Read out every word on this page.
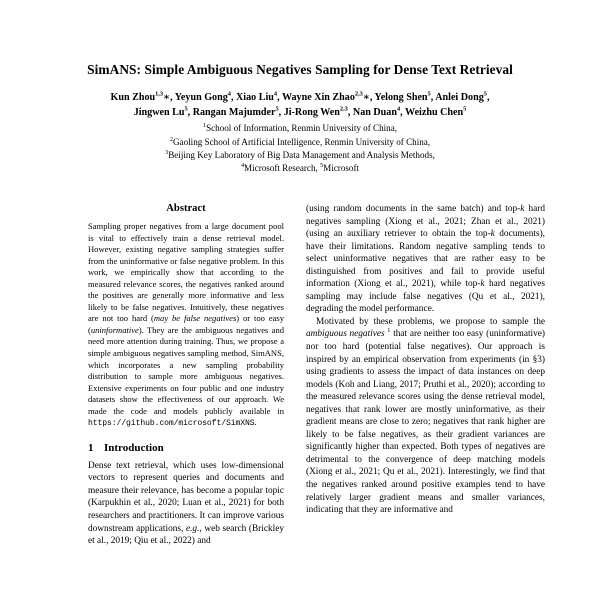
SimANS: Simple Ambiguous Negatives Sampling for Dense Text Retrieval
Kun Zhou$^{1,3}$∗, Yeyun Gong$^4$, Xiao Liu$^4$, Wayne Xin Zhao$^{2,3}$∗, Yelong Shen$^5$, Anlei Dong$^5$,
Jingwen Lu$^5$, Rangan Majumder$^5$, Ji-Rong Wen$^{2,3}$, Nan Duan$^4$, Weizhu Chen$^5$
$^1$School of Information, Renmin University of China,
$^2$Gaoling School of Artificial Intelligence, Renmin University of China,
$^3$Beijing Key Laboratory of Big Data Management and Analysis Methods,
$^4$Microsoft Research, $^5$Microsoft
Abstract

Sampling proper negatives from a large document pool is vital to effectively train a dense retrieval model. However, existing negative sampling strategies suffer from the uninformative or false negative problem. In this work, we empirically show that according to the measured relevance scores, the negatives ranked around the positives are generally more informative and less likely to be false negatives. Intuitively, these negatives are not too hard (may be false negatives) or too easy (uninformative). They are the ambiguous negatives and need more attention during training. Thus, we propose a simple ambiguous negatives sampling method, SimANS, which incorporates a new sampling probability distribution to sample more ambiguous negatives. Extensive experiments on four public and one industry datasets show the effectiveness of our approach. We made the code and models publicly available in https://github.com/microsoft/SimXNS.

1 Introduction

Dense text retrieval, which uses low-dimensional vectors to represent queries and documents and measure their relevance, has become a popular topic (Karpukhin et al., 2020; Luan et al., 2021) for both researchers and practitioners. It can improve various downstream applications, e.g., web search (Brickley et al., 2019; Qiu et al., 2022) and

(using random documents in the same batch) and top-k hard negatives sampling (Xiong et al., 2021; Zhan et al., 2021) (using an auxiliary retriever to obtain the top-k documents), have their limitations. Random negative sampling tends to select uninformative negatives that are rather easy to be distinguished from positives and fail to provide useful information (Xiong et al., 2021), while top-k hard negatives sampling may include false negatives (Qu et al., 2021), degrading the model performance.

Motivated by these problems, we propose to sample the ambiguous negatives $^1$ that are neither too easy (uninformative) nor too hard (potential false negatives). Our approach is inspired by an empirical observation from experiments (in §3) using gradients to assess the impact of data instances on deep models (Koh and Liang, 2017; Pruthi et al., 2020); according to the measured relevance scores using the dense retrieval model, negatives that rank lower are mostly uninformative, as their gradient means are close to zero; negatives that rank higher are likely to be false negatives, as their gradient variances are significantly higher than expected. Both types of negatives are detrimental to the convergence of deep matching models (Xiong et al., 2021; Qu et al., 2021). Interestingly, we find that the negatives ranked around positive examples tend to have relatively larger gradient means and smaller variances, indicating that they are informative and
